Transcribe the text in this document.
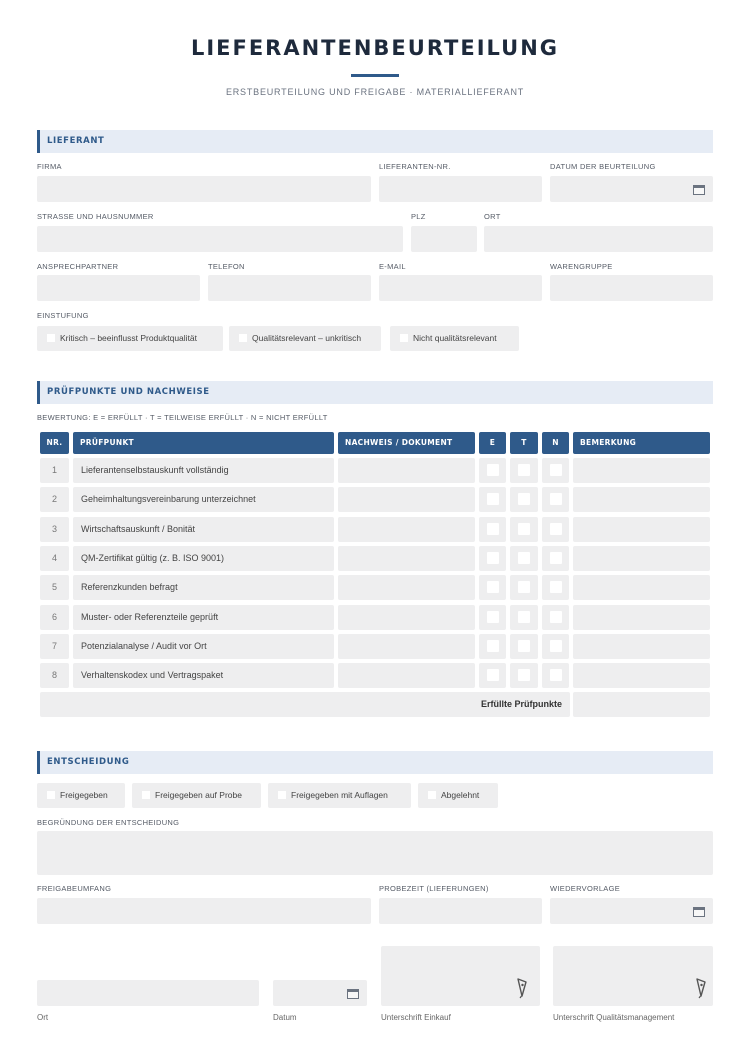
LIEFERANTENBEURTEILUNG
ERSTBEURTEILUNG UND FREIGABE · MATERIALLIEFERANT
LIEFERANT
FIRMA	LIEFERANTEN-NR.	DATUM DER BEURTEILUNG
STRASSE UND HAUSNUMMER	PLZ	ORT
ANSPRECHPARTNER	TELEFON	E-MAIL	WARENGRUPPE
EINSTUFUNG
Kritisch – beeinflusst Produktqualität	Qualitätsrelevant – unkritisch	Nicht qualitätsrelevant
PRÜFPUNKTE UND NACHWEISE
BEWERTUNG: E = ERFÜLLT · T = TEILWEISE ERFÜLLT · N = NICHT ERFÜLLT
NR.	PRÜFPUNKT	NACHWEIS / DOKUMENT	E	T	N	BEMERKUNG
1	Lieferantenselbstauskunft vollständig
2	Geheimhaltungsvereinbarung unterzeichnet
3	Wirtschaftsauskunft / Bonität
4	QM-Zertifikat gültig (z. B. ISO 9001)
5	Referenzkunden befragt
6	Muster- oder Referenzteile geprüft
7	Potenzialanalyse / Audit vor Ort
8	Verhaltenskodex und Vertragspaket
Erfüllte Prüfpunkte
ENTSCHEIDUNG
Freigegeben	Freigegeben auf Probe	Freigegeben mit Auflagen	Abgelehnt
BEGRÜNDUNG DER ENTSCHEIDUNG
FREIGABEUMFANG	PROBEZEIT (LIEFERUNGEN)	WIEDERVORLAGE
Ort	Datum	Unterschrift Einkauf	Unterschrift Qualitätsmanagement
